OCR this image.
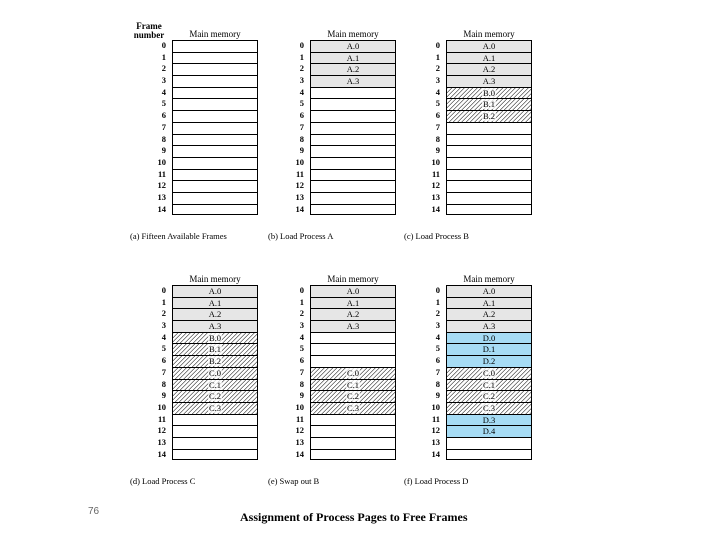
Frame
number	Main memory
0
1
2
3
4
5
6
7
8
9
10
11
12
13
14
(a) Fifteen Available Frames
Main memory
0	A.0
1	A.1
2	A.2
3	A.3
4
5
6
7
8
9
10
11
12
13
14
(b) Load Process A
Main memory
0	A.0
1	A.1
2	A.2
3	A.3
4	B.0
5	B.1
6	B.2
7
8
9
10
11
12
13
14
(c) Load Process B
Main memory
0	A.0
1	A.1
2	A.2
3	A.3
4	B.0
5	B.1
6	B.2
7	C.0
8	C.1
9	C.2
10	C.3
11
12
13
14
(d) Load Process C
Main memory
0	A.0
1	A.1
2	A.2
3	A.3
4
5
6
7	C.0
8	C.1
9	C.2
10	C.3
11
12
13
14
(e) Swap out B
Main memory
0	A.0
1	A.1
2	A.2
3	A.3
4	D.0
5	D.1
6	D.2
7	C.0
8	C.1
9	C.2
10	C.3
11	D.3
12	D.4
13
14
(f) Load Process D
Assignment of Process Pages to Free Frames
76
